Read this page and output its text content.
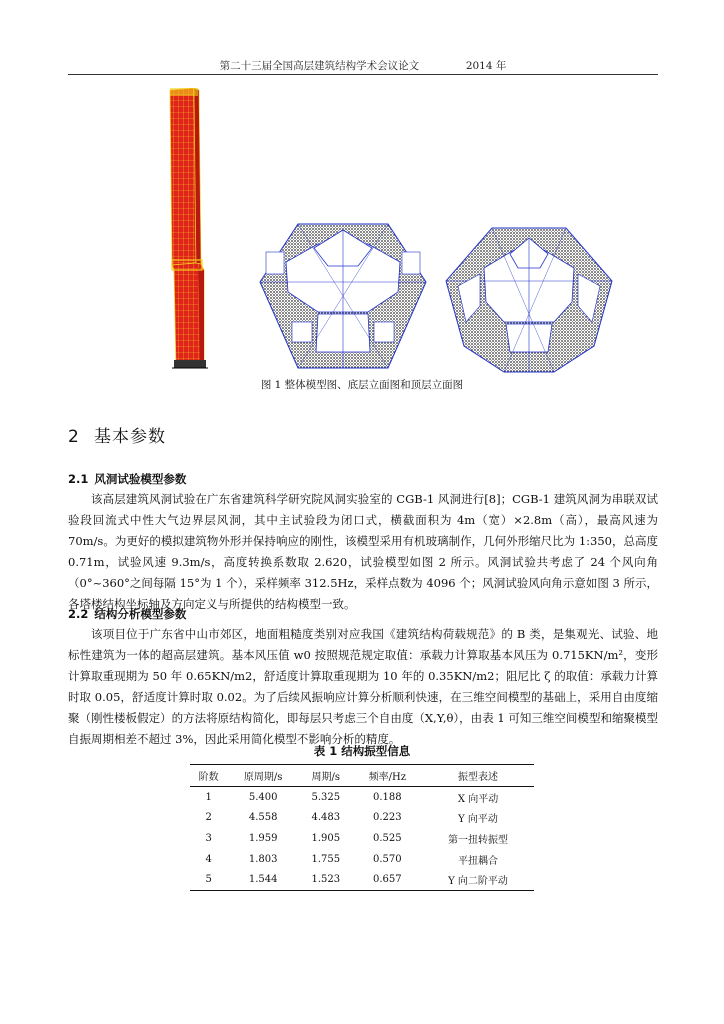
第二十三届全国高层建筑结构学术会议论文	2014 年
图 1 整体模型图、底层立面图和顶层立面图
2 基本参数
2.1 风洞试验模型参数

该高层建筑风洞试验在广东省建筑科学研究院风洞实验室的 CGB-1 风洞进行[8]；CGB-1 建筑风洞为串联双试验段回流式中性大气边界层风洞，其中主试验段为闭口式，横截面积为 4m（宽）×2.8m（高），最高风速为 70m/s。为更好的模拟建筑物外形并保持响应的刚性，该模型采用有机玻璃制作，几何外形缩尺比为 1:350，总高度 0.71m，试验风速 9.3m/s，高度转换系数取 2.620，试验模型如图 2 所示。风洞试验共考虑了 24 个风向角（0°~360°之间每隔 15°为 1 个），采样频率 312.5Hz，采样点数为 4096 个；风洞试验风向角示意如图 3 所示，各塔楼结构坐标轴及方向定义与所提供的结构模型一致。

2.2 结构分析模型参数

该项目位于广东省中山市郊区，地面粗糙度类别对应我国《建筑结构荷载规范》的 B 类，是集观光、试验、地标性建筑为一体的超高层建筑。基本风压值 w0 按照规范规定取值：承载力计算取基本风压为 0.715KN/m²，变形计算取重现期为 50 年 0.65KN/m2，舒适度计算取重现期为 10 年的 0.35KN/m2；阻尼比 ζ 的取值：承载力计算时取 0.05，舒适度计算时取 0.02。为了后续风振响应计算分析顺利快速，在三维空间模型的基础上，采用自由度缩聚（刚性楼板假定）的方法将原结构简化，即每层只考虑三个自由度（X,Y,θ），由表 1 可知三维空间模型和缩聚模型自振周期相差不超过 3%，因此采用简化模型不影响分析的精度。

表 1 结构振型信息
阶数	原周期/s	周期/s	频率/Hz	振型表述
1	5.400	5.325	0.188	X 向平动
2	4.558	4.483	0.223	Y 向平动
3	1.959	1.905	0.525	第一扭转振型
4	1.803	1.755	0.570	平扭耦合
5	1.544	1.523	0.657	Y 向二阶平动
